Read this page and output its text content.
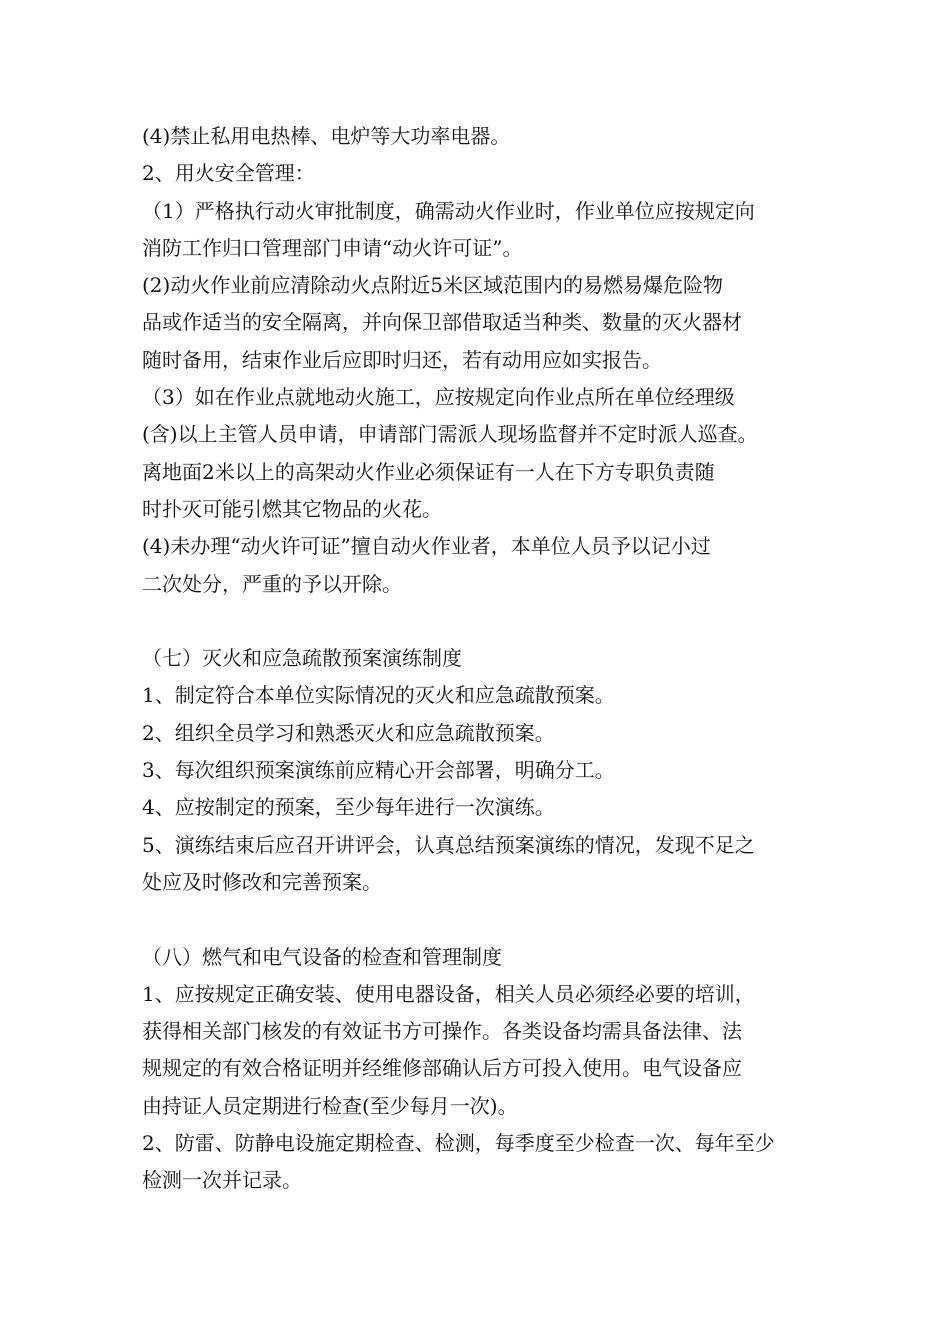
(4)禁止私用电热棒、电炉等大功率电器。
2、用火安全管理：
（1）严格执行动火审批制度，确需动火作业时，作业单位应按规定向
消防工作归口管理部门申请“动火许可证”。
(2)动火作业前应清除动火点附近5米区域范围内的易燃易爆危险物
品或作适当的安全隔离，并向保卫部借取适当种类、数量的灭火器材
随时备用，结束作业后应即时归还，若有动用应如实报告。
（3）如在作业点就地动火施工，应按规定向作业点所在单位经理级
(含)以上主管人员申请，申请部门需派人现场监督并不定时派人巡查。
离地面2米以上的高架动火作业必须保证有一人在下方专职负责随
时扑灭可能引燃其它物品的火花。
(4)未办理“动火许可证”擅自动火作业者，本单位人员予以记小过
二次处分，严重的予以开除。
（七）灭火和应急疏散预案演练制度
1、制定符合本单位实际情况的灭火和应急疏散预案。
2、组织全员学习和熟悉灭火和应急疏散预案。
3、每次组织预案演练前应精心开会部署，明确分工。
4、应按制定的预案，至少每年进行一次演练。
5、演练结束后应召开讲评会，认真总结预案演练的情况，发现不足之
处应及时修改和完善预案。
（八）燃气和电气设备的检查和管理制度
1、应按规定正确安装、使用电器设备，相关人员必须经必要的培训，
获得相关部门核发的有效证书方可操作。各类设备均需具备法律、法
规规定的有效合格证明并经维修部确认后方可投入使用。电气设备应
由持证人员定期进行检查(至少每月一次)。
2、防雷、防静电设施定期检查、检测，每季度至少检查一次、每年至少
检测一次并记录。
